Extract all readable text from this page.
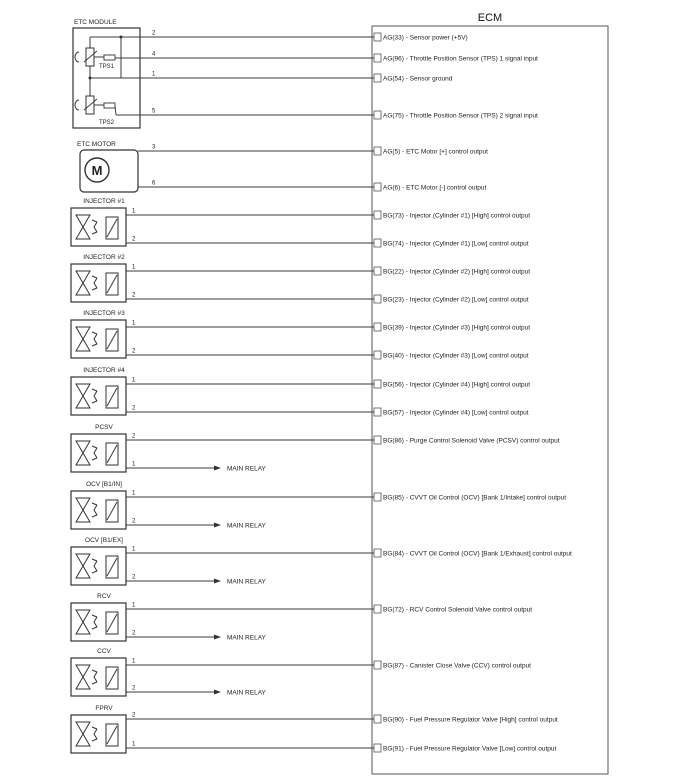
ECM
ETC MODULE
TPS1
TPS2
ETC MOTOR
M
2
AG(33) - Sensor power (+5V)
4
AG(96) - Throttle Position Sensor (TPS) 1 signal input
1
AG(54) - Sensor ground
5
AG(75) - Throttle Position Sensor (TPS) 2 signal input
3
AG(5) - ETC Motor [+] control output
6
AG(6) - ETC Motor [-] control output
1
BG(73) - Injector (Cylinder #1) [High] control output
2
BG(74) - Injector (Cylinder #1) [Low] control output
1
BG(22) - Injector (Cylinder #2) [High] control output
2
BG(23) - Injector (Cylinder #2) [Low] control output
1
BG(39) - Injector (Cylinder #3) [High] control output
2
BG(40) - Injector (Cylinder #3) [Low] control output
1
BG(56) - Injector (Cylinder #4) [High] control output
2
BG(57) - Injector (Cylinder #4) [Low] control output
2
BG(86) - Purge Control Solenoid Valve (PCSV) control output
1
MAIN RELAY
1
BG(85) - CVVT Oil Control (OCV) [Bank 1/Intake] control output
2
MAIN RELAY
1
BG(84) - CVVT Oil Control (OCV) [Bank 1/Exhaust] control output
2
MAIN RELAY
1
BG(72) - RCV Control Solenoid Valve control output
2
MAIN RELAY
1
BG(87) - Canister Close Valve (CCV) control output
2
MAIN RELAY
2
BG(90) - Fuel Pressure Regulator Valve [High] control output
1
BG(91) - Fuel Pressure Regulator Valve [Low] control output
INJECTOR #1
INJECTOR #2
INJECTOR #3
INJECTOR #4
PCSV
OCV [B1/IN]
OCV [B1/EX]
RCV
CCV
FPRV
